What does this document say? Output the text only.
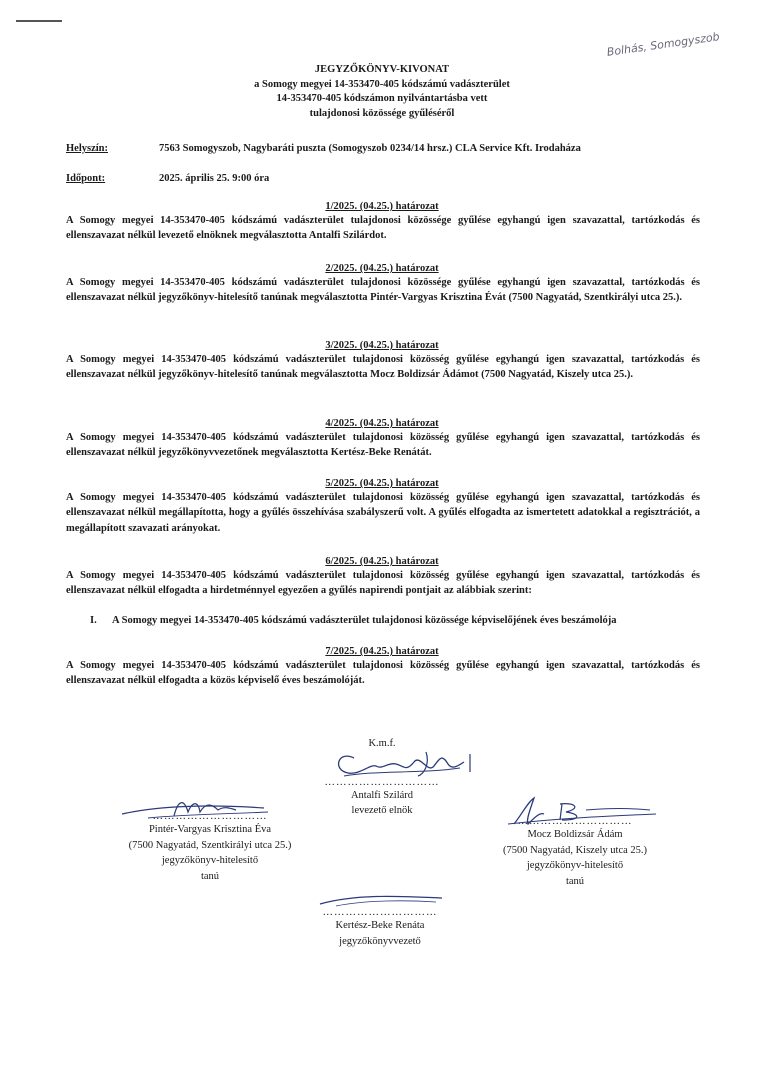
Bolhás, Somogyszob
JEGYZŐKÖNYV-KIVONAT
a Somogy megyei 14-353470-405 kódszámú vadászterület
14-353470-405 kódszámon nyilvántartásba vett
tulajdonosi közössége gyűléséről
Helyszín:	7563 Somogyszob, Nagybaráti puszta (Somogyszob 0234/14 hrsz.) CLA Service Kft. Irodaháza
Időpont:	2025. április 25. 9:00 óra
1/2025. (04.25.) határozat
A Somogy megyei 14-353470-405 kódszámú vadászterület tulajdonosi közössége gyűlése egyhangú igen szavazattal, tartózkodás és ellenszavazat nélkül levezető elnöknek megválasztotta Antalfi Szilárdot.
2/2025. (04.25.) határozat
A Somogy megyei 14-353470-405 kódszámú vadászterület tulajdonosi közössége gyűlése egyhangú igen szavazattal, tartózkodás és ellenszavazat nélkül jegyzőkönyv-hitelesítő tanúnak megválasztotta Pintér-Vargyas Krisztina Évát (7500 Nagyatád, Szentkirályi utca 25.).
3/2025. (04.25.) határozat
A Somogy megyei 14-353470-405 kódszámú vadászterület tulajdonosi közösség gyűlése egyhangú igen szavazattal, tartózkodás és ellenszavazat nélkül jegyzőkönyv-hitelesítő tanúnak megválasztotta Mocz Boldizsár Ádámot (7500 Nagyatád, Kiszely utca 25.).
4/2025. (04.25.) határozat
A Somogy megyei 14-353470-405 kódszámú vadászterület tulajdonosi közösség gyűlése egyhangú igen szavazattal, tartózkodás és ellenszavazat nélkül jegyzőkönyvvezetőnek megválasztotta Kertész-Beke Renátát.
5/2025. (04.25.) határozat
A Somogy megyei 14-353470-405 kódszámú vadászterület tulajdonosi közösség gyűlése egyhangú igen szavazattal, tartózkodás és ellenszavazat nélkül megállapította, hogy a gyűlés összehívása szabályszerű volt. A gyűlés elfogadta az ismertetett adatokkal a regisztrációt, a megállapított szavazati arányokat.
6/2025. (04.25.) határozat
A Somogy megyei 14-353470-405 kódszámú vadászterület tulajdonosi közösség gyűlése egyhangú igen szavazattal, tartózkodás és ellenszavazat nélkül elfogadta a hirdetménnyel egyezően a gyűlés napirendi pontjait az alábbiak szerint:
I. A Somogy megyei 14-353470-405 kódszámú vadászterület tulajdonosi közössége képviselőjének éves beszámolója
7/2025. (04.25.) határozat
A Somogy megyei 14-353470-405 kódszámú vadászterület tulajdonosi közösség gyűlése egyhangú igen szavazattal, tartózkodás és ellenszavazat nélkül elfogadta a közös képviselő éves beszámolóját.
K.m.f.
…………………………
Antalfi Szilárd
levezető elnök
…………………………
Pintér-Vargyas Krisztina Éva
(7500 Nagyatád, Szentkirályi utca 25.)
jegyzőkönyv-hitelesítő
tanú
…………………………
Mocz Boldizsár Ádám
(7500 Nagyatád, Kiszely utca 25.)
jegyzőkönyv-hitelesítő
tanú
…………………………
Kertész-Beke Renáta
jegyzőkönyvvezető
